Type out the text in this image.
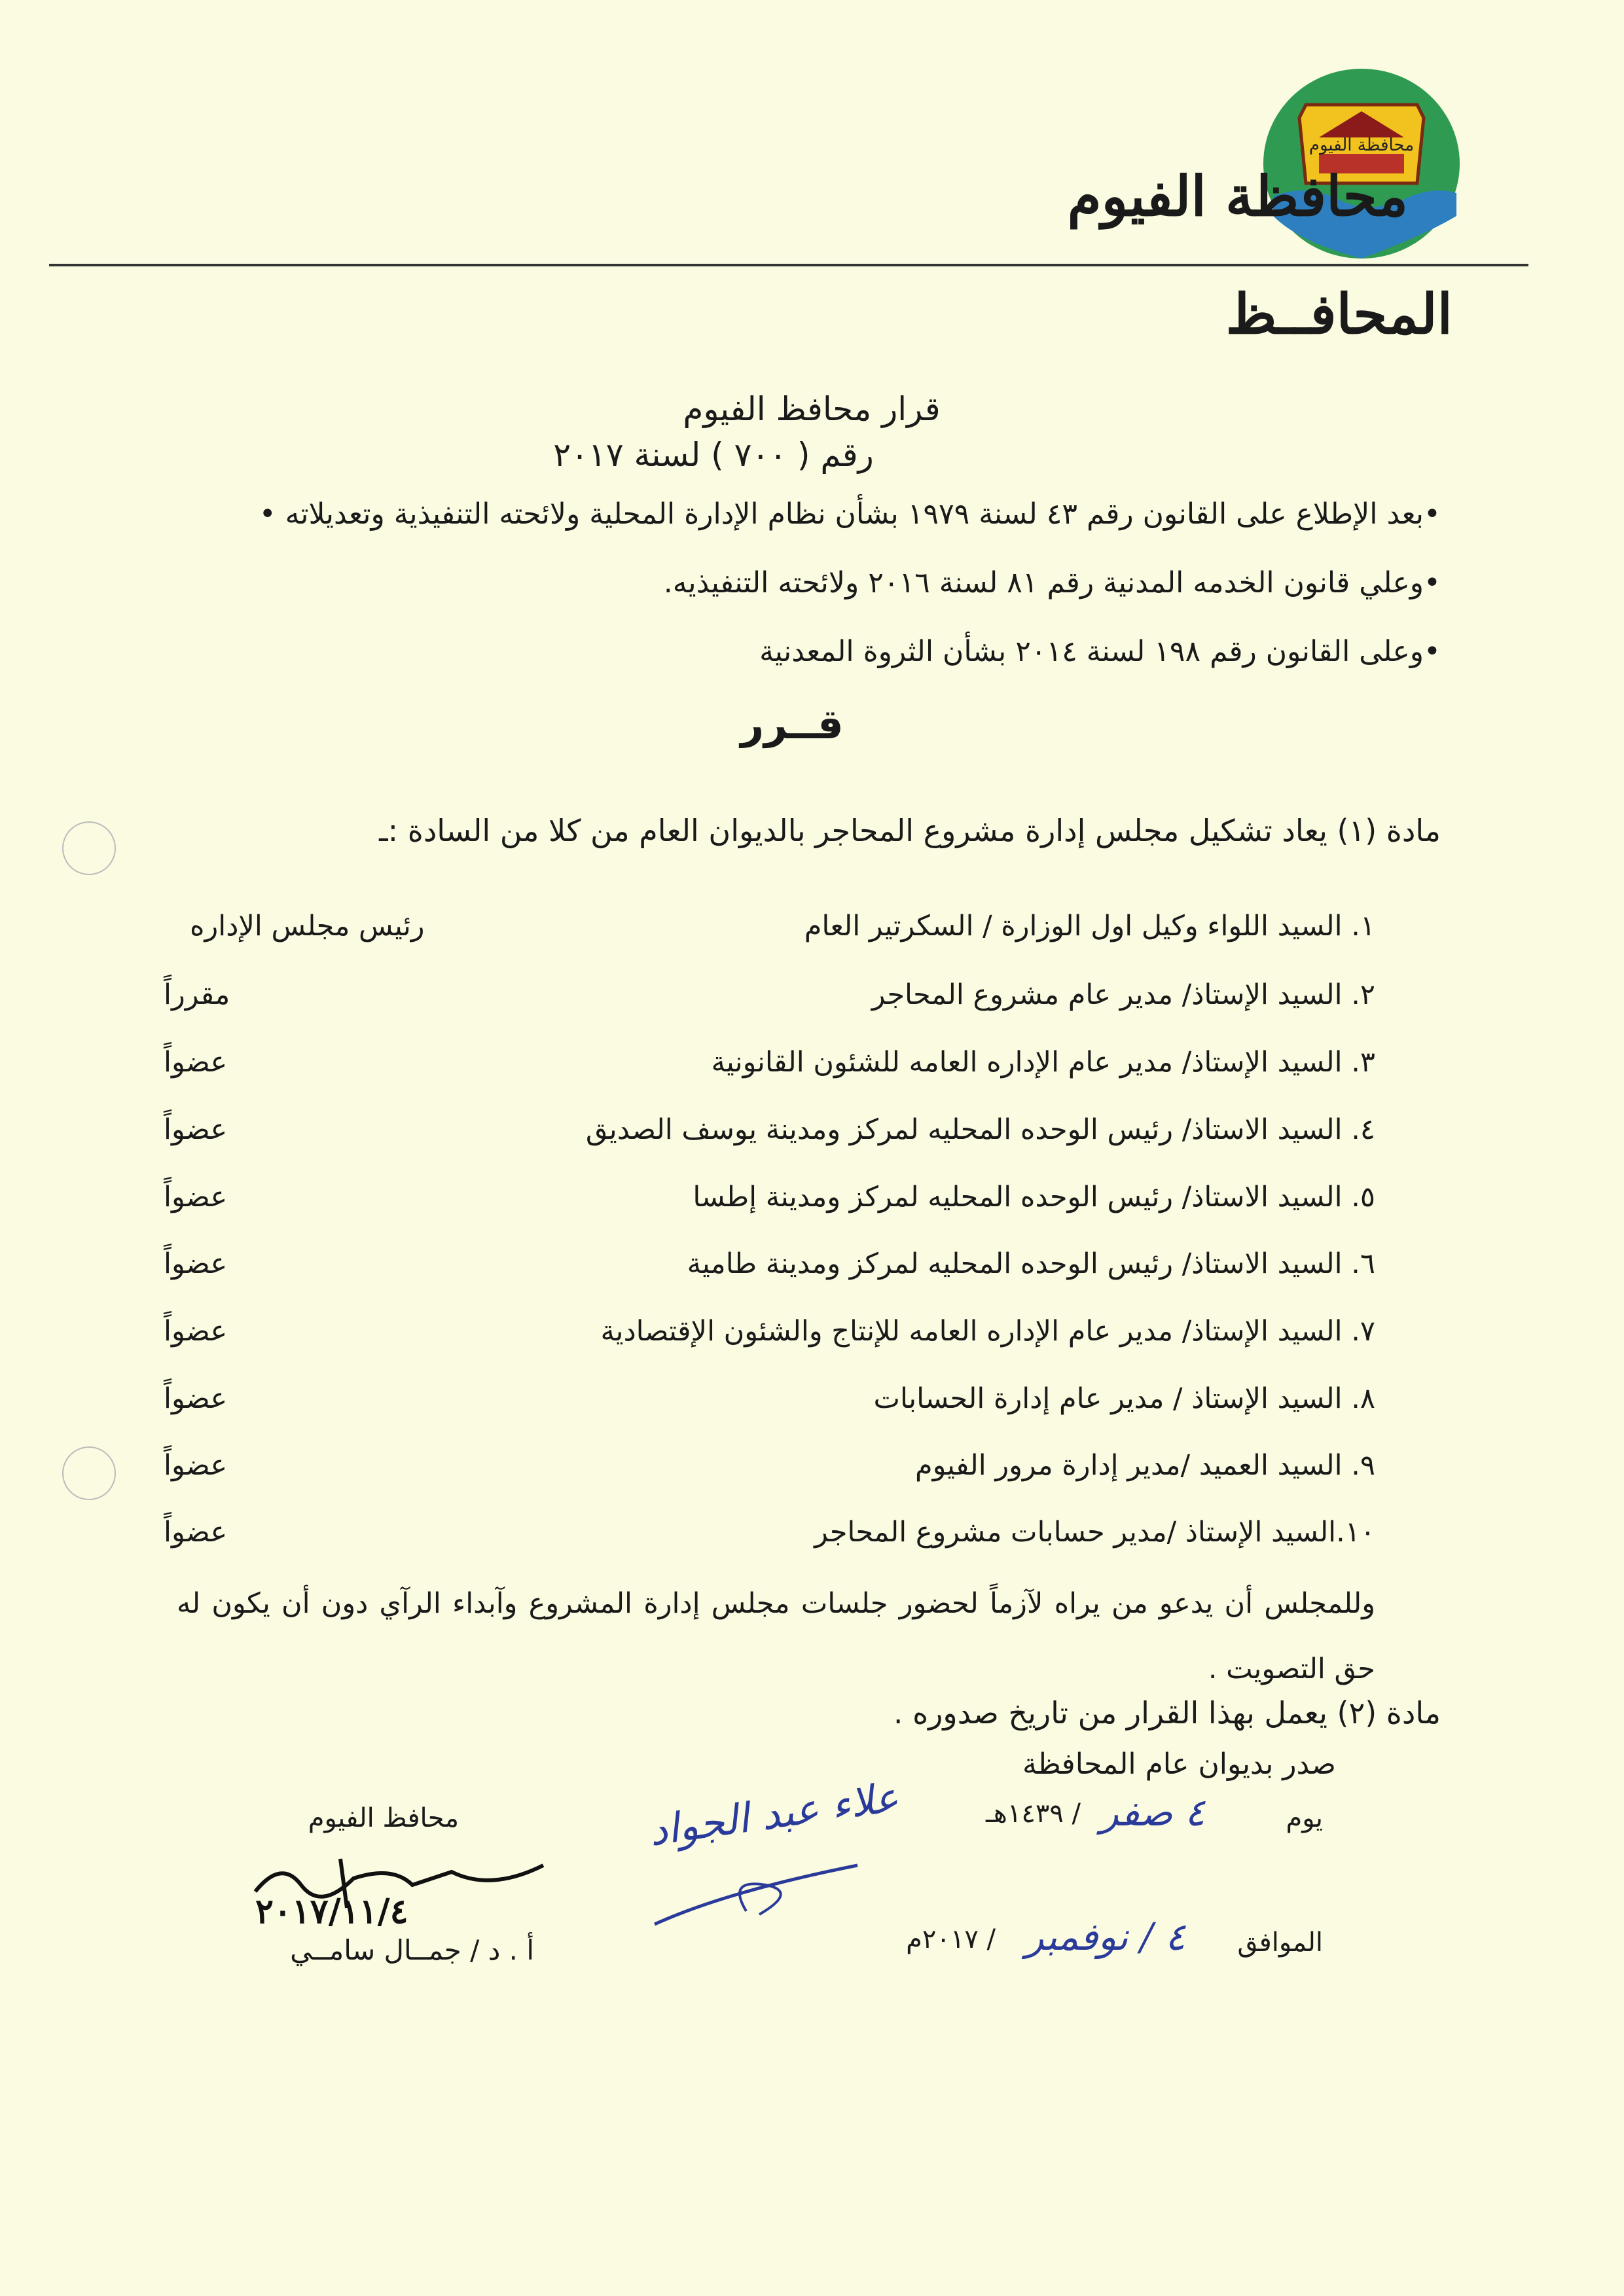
محافظة الفيوم
محافظة الفيوم
المحافــظ
قرار محافظ الفيوم
رقم ( ٧٠٠ ) لسنة ٢٠١٧
•بعد الإطلاع على القانون رقم ٤٣ لسنة ١٩٧٩ بشأن نظام الإدارة المحلية ولائحته التنفيذية وتعديلاته •
•وعلي قانون الخدمه المدنية رقم ٨١ لسنة ٢٠١٦ ولائحته التنفيذيه.
•وعلى القانون رقم ١٩٨ لسنة ٢٠١٤ بشأن الثروة المعدنية
قــرر
مادة (١) يعاد تشكيل مجلس إدارة مشروع المحاجر بالديوان العام من كلا من السادة :ـ
١. السيد اللواء وكيل اول الوزارة / السكرتير العام
رئيس مجلس الإداره
٢. السيد الإستاذ/ مدير عام مشروع المحاجر
مقرراً
٣. السيد الإستاذ/ مدير عام الإداره العامه للشئون القانونية
عضواً
٤. السيد الاستاذ/ رئيس الوحده المحليه لمركز ومدينة يوسف الصديق
عضواً
٥. السيد الاستاذ/ رئيس الوحده المحليه لمركز ومدينة إطسا
عضواً
٦. السيد الاستاذ/ رئيس الوحده المحليه لمركز ومدينة طامية
عضواً
٧. السيد الإستاذ/ مدير عام الإداره العامه للإنتاج والشئون الإقتصادية
عضواً
٨. السيد الإستاذ / مدير عام إدارة الحسابات
عضواً
٩. السيد العميد /مدير إدارة مرور الفيوم
عضواً
١٠.السيد الإستاذ /مدير حسابات مشروع المحاجر
عضواً
وللمجلس أن يدعو من يراه لآزماً لحضور جلسات مجلس إدارة المشروع وآبداء الرآي دون أن يكون له حق التصويت .
مادة (٢) يعمل بهذا القرار من تاريخ صدوره .
صدر بديوان عام المحافظة
يوم
٤ صفر
/ ١٤٣٩هـ
الموافق
٤ / نوفمبر
/ ٢٠١٧م
علاء عبد الجواد
محافظ الفيوم
٢٠١٧/١١/٤
أ . د / جمــال سامــي
